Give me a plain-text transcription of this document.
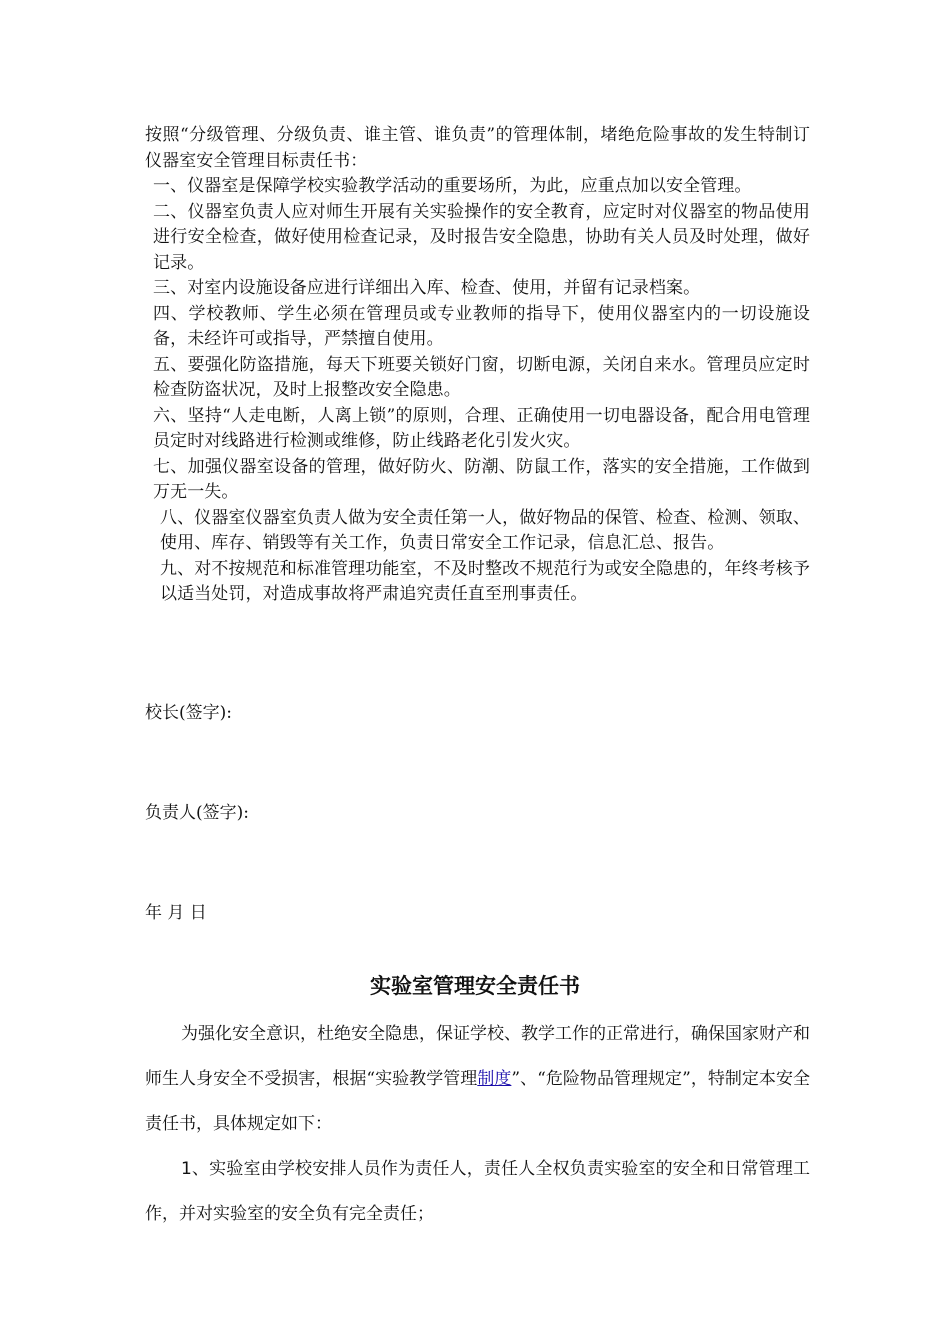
按照“分级管理、分级负责、谁主管、谁负责”的管理体制，堵绝危险事故的发生特制订仪器室安全管理目标责任书：

一、仪器室是保障学校实验教学活动的重要场所，为此，应重点加以安全管理。

二、仪器室负责人应对师生开展有关实验操作的安全教育，应定时对仪器室的物品使用进行安全检查，做好使用检查记录，及时报告安全隐患，协助有关人员及时处理，做好记录。

三、对室内设施设备应进行详细出入库、检查、使用，并留有记录档案。

四、学校教师、学生必须在管理员或专业教师的指导下，使用仪器室内的一切设施设备，未经许可或指导，严禁擅自使用。

五、要强化防盗措施，每天下班要关锁好门窗，切断电源，关闭自来水。管理员应定时检查防盗状况，及时上报整改安全隐患。

六、坚持“人走电断，人离上锁”的原则，合理、正确使用一切电器设备，配合用电管理员定时对线路进行检测或维修，防止线路老化引发火灾。

七、加强仪器室设备的管理，做好防火、防潮、防鼠工作，落实的安全措施，工作做到万无一失。

八、仪器室仪器室负责人做为安全责任第一人，做好物品的保管、检查、检测、领取、使用、库存、销毁等有关工作，负责日常安全工作记录，信息汇总、报告。

九、对不按规范和标准管理功能室，不及时整改不规范行为或安全隐患的，年终考核予以适当处罚，对造成事故将严肃追究责任直至刑事责任。

校长(签字):
负责人(签字):
年 月 日
实验室管理安全责任书

为强化安全意识，杜绝安全隐患，保证学校、教学工作的正常进行，确保国家财产和师生人身安全不受损害，根据“实验教学管理制度”、“危险物品管理规定”，特制定本安全责任书，具体规定如下：

1、实验室由学校安排人员作为责任人，责任人全权负责实验室的安全和日常管理工作，并对实验室的安全负有完全责任；
